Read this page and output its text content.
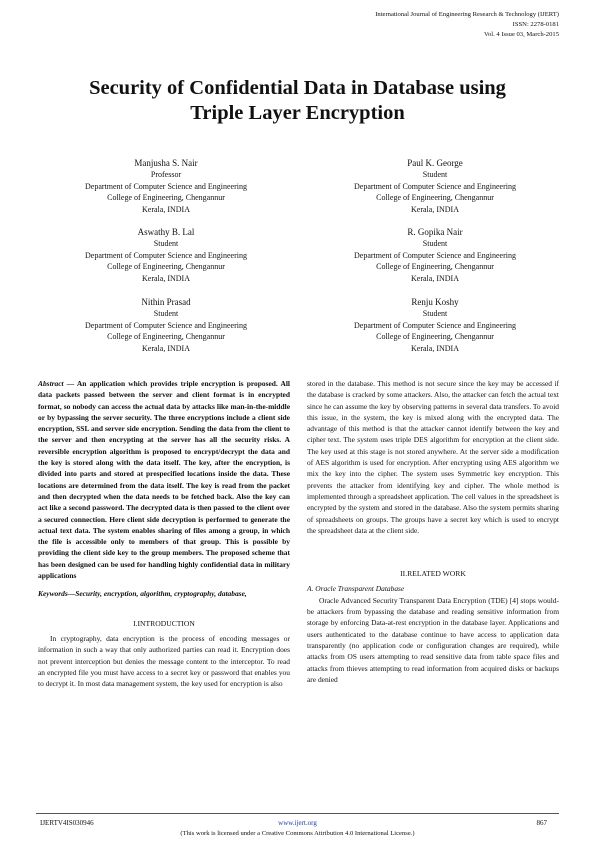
International Journal of Engineering Research & Technology (IJERT)
ISSN: 2278-0181
Vol. 4 Issue 03, March-2015
Security of Confidential Data in Database using
Triple Layer Encryption
Manjusha S. Nair
Professor
Department of Computer Science and Engineering
College of Engineering, Chengannur
Kerala, INDIA
Paul K. George
Student
Department of Computer Science and Engineering
College of Engineering, Chengannur
Kerala, INDIA
Aswathy B. Lal
Student
Department of Computer Science and Engineering
College of Engineering, Chengannur
Kerala, INDIA
R. Gopika Nair
Student
Department of Computer Science and Engineering
College of Engineering, Chengannur
Kerala, INDIA
Nithin Prasad
Student
Department of Computer Science and Engineering
College of Engineering, Chengannur
Kerala, INDIA
Renju Koshy
Student
Department of Computer Science and Engineering
College of Engineering, Chengannur
Kerala, INDIA

Abstract — An application which provides triple encryption is proposed. All data packets passed between the server and client format is in encrypted format, so nobody can access the actual data by attacks like man-in-the-middle or by bypassing the server security. The three encryptions include a client side encryption, SSL and server side encryption. Sending the data from the client to the server and then encrypting at the server has all the security risks. A reversible encryption algorithm is proposed to encrypt/decrypt the data and the key is stored along with the data itself. The key, after the encryption, is divided into parts and stored at prespecified locations inside the data. These locations are determined from the data itself. The key is read from the packet and then decrypted when the data needs to be fetched back. Also the key can act like a second password. The decrypted data is then passed to the client over a secured connection. Here client side decryption is performed to generate the actual text data. The system enables sharing of files among a group, in which the file is accessible only to members of that group. This is possible by providing the client side key to the group members. The proposed scheme that has been designed can be used for handling highly confidential data in military applications

Keywords—Security, encryption, algorithm, cryptography, database,

I.INTRODUCTION

In cryptography, data encryption is the process of encoding messages or information in such a way that only authorized parties can read it. Encryption does not prevent interception but denies the message content to the interceptor. To read an encrypted file you must have access to a secret key or password that enables you to decrypt it. In most data management system, the key used for encryption is also

stored in the database. This method is not secure since the key may be accessed if the database is cracked by some attackers. Also, the attacker can fetch the actual text since he can assume the key by observing patterns in several data transfers. To avoid this issue, in the system, the key is mixed along with the encrypted data. The advantage of this method is that the attacker cannot identify between the key and cipher text. The system uses triple DES algorithm for encryption at the client side. The key used at this stage is not stored anywhere. At the server side a modification of AES algorithm is used for encryption. After encrypting using AES algorithm we mix the key into the cipher. The system uses Symmetric key encryption. This prevents the attacker from identifying key and cipher. The whole method is implemented through a spreadsheet application. The cell values in the spreadsheet is encrypted by the system and stored in the database. Also the system permits sharing of spreadsheets on groups. The groups have a secret key which is used to encrypt the spreadsheet data at the client side.

II.RELATED WORK

A. Oracle Transparent Database

Oracle Advanced Security Transparent Data Encryption (TDE) [4] stops would-be attackers from bypassing the database and reading sensitive information from storage by enforcing Data-at-rest encryption in the database layer. Applications and users authenticated to the database continue to have access to application data transparently (no application code or configuration changes are required), while attacks from OS users attempting to read sensitive data from table space files and attacks from thieves attempting to read information from acquired disks or backups are denied

IJERTV4IS030946	www.ijert.org	867
(This work is licensed under a Creative Commons Attribution 4.0 International License.)
